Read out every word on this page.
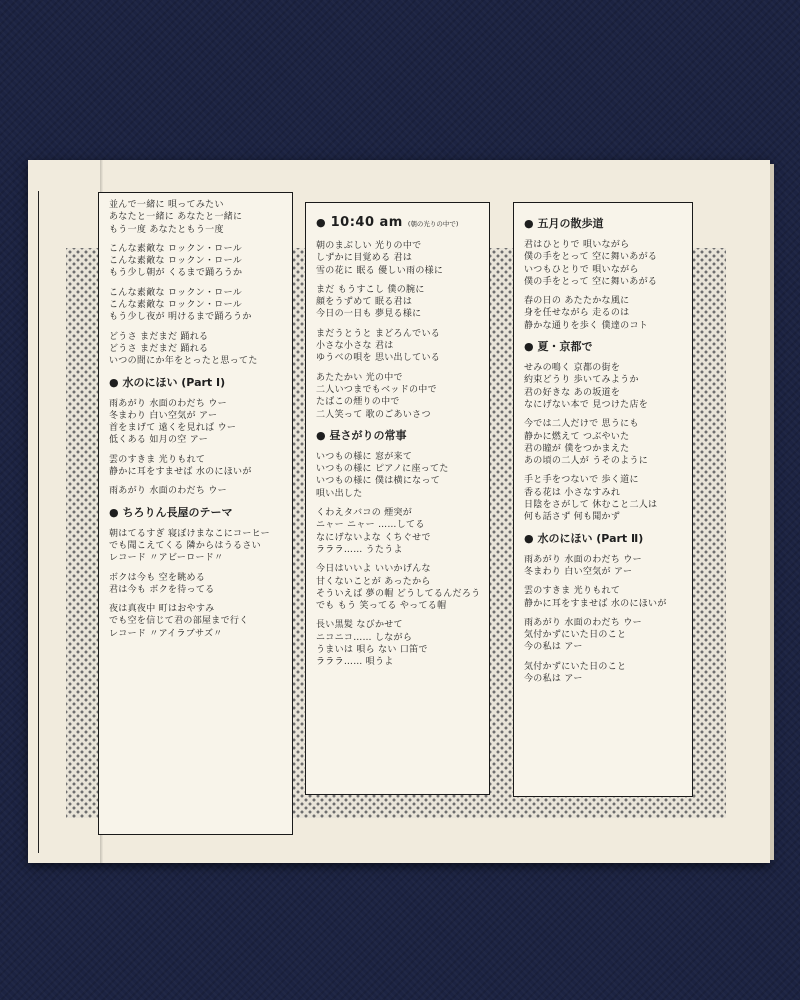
並んで一緒に 唄ってみたい
あなたと一緒に あなたと一緒に
もう一度 あなたともう一度
こんな素敵な ロックン・ロール
こんな素敵な ロックン・ロール
もう少し朝が くるまで踊ろうか
こんな素敵な ロックン・ロール
こんな素敵な ロックン・ロール
もう少し夜が 明けるまで踊ろうか
どうさ まだまだ 踊れる
どうさ まだまだ 踊れる
いつの間にか年をとったと思ってた
● 水のにほい (Part Ⅰ)
雨あがり 水面のわだち ウー
冬まわり 白い空気が アー
首をまげて 遠くを見れば ウー
低くある 如月の空 アー
雲のすきま 光りもれて
静かに耳をすませば 水のにほいが
雨あがり 水面のわだち ウー
● ちろりん長屋のテーマ
朝はてるすぎ 寝ぼけまなこにコーヒー
でも聞こえてくる 隣からはうるさい
レコード 〃アビーロード〃
ボクは今も 空を眺める
君は今も ボクを待ってる
夜は真夜中 町はおやすみ
でも空を信じて君の部屋まで行く
レコード 〃アイラブサズ〃
● 10:40 am (朝の光りの中で)
朝のまぶしい 光りの中で
しずかに目覚める 君は
雪の花に 眠る 優しい雨の様に
まだ もうすこし 僕の腕に
顔をうずめて 眠る君は
今日の一日も 夢見る様に
まだうとうと まどろんでいる
小さな小さな 君は
ゆうべの唄を 思い出している
あたたかい 光の中で
二人いつまでもベッドの中で
たばこの煙りの中で
二人笑って 歌のごあいさつ
● 昼さがりの常事
いつもの様に 窓が来て
いつもの様に ピアノに座ってた
いつもの様に 僕は横になって
唄い出した
くわえタバコの 煙突が
ニャー ニャー ……してる
なにげないよな くちぐせで
ラララ…… うたうよ
今日はいいよ いいかげんな
甘くないことが あったから
そういえば 夢の帽 どうしてるんだろう
でも もう 笑ってる やってる帽
長い黒髪 なびかせて
ニコニコ…… しながら
うまいは 唄ら ない 口笛で
ラララ…… 唄うよ
● 五月の散歩道
君はひとりで 唄いながら
僕の手をとって 空に舞いあがる
いつもひとりで 唄いながら
僕の手をとって 空に舞いあがる
春の日の あたたかな風に
身を任せながら 走るのは
静かな通りを歩く 僕達のコト
● 夏・京都で
せみの鳴く 京都の街を
約束どうり 歩いてみようか
君の好きな あの坂道を
なにげない本で 見つけた店を
今では二人だけで 思うにも
静かに燃えて つぶやいた
君の瞳が 僕をつかまえた
あの頃の二人が うそのように
手と手をつないで 歩く道に
香る花は 小さなすみれ
日陰をさがして 休むこと二人は
何も話さず 何も聞かず
● 水のにほい (Part Ⅱ)
雨あがり 水面のわだち ウー
冬まわり 白い空気が アー
雲のすきま 光りもれて
静かに耳をすませば 水のにほいが
雨あがり 水面のわだち ウー
気付かずにいた日のこと
今の私は アー
気付かずにいた日のこと
今の私は アー
